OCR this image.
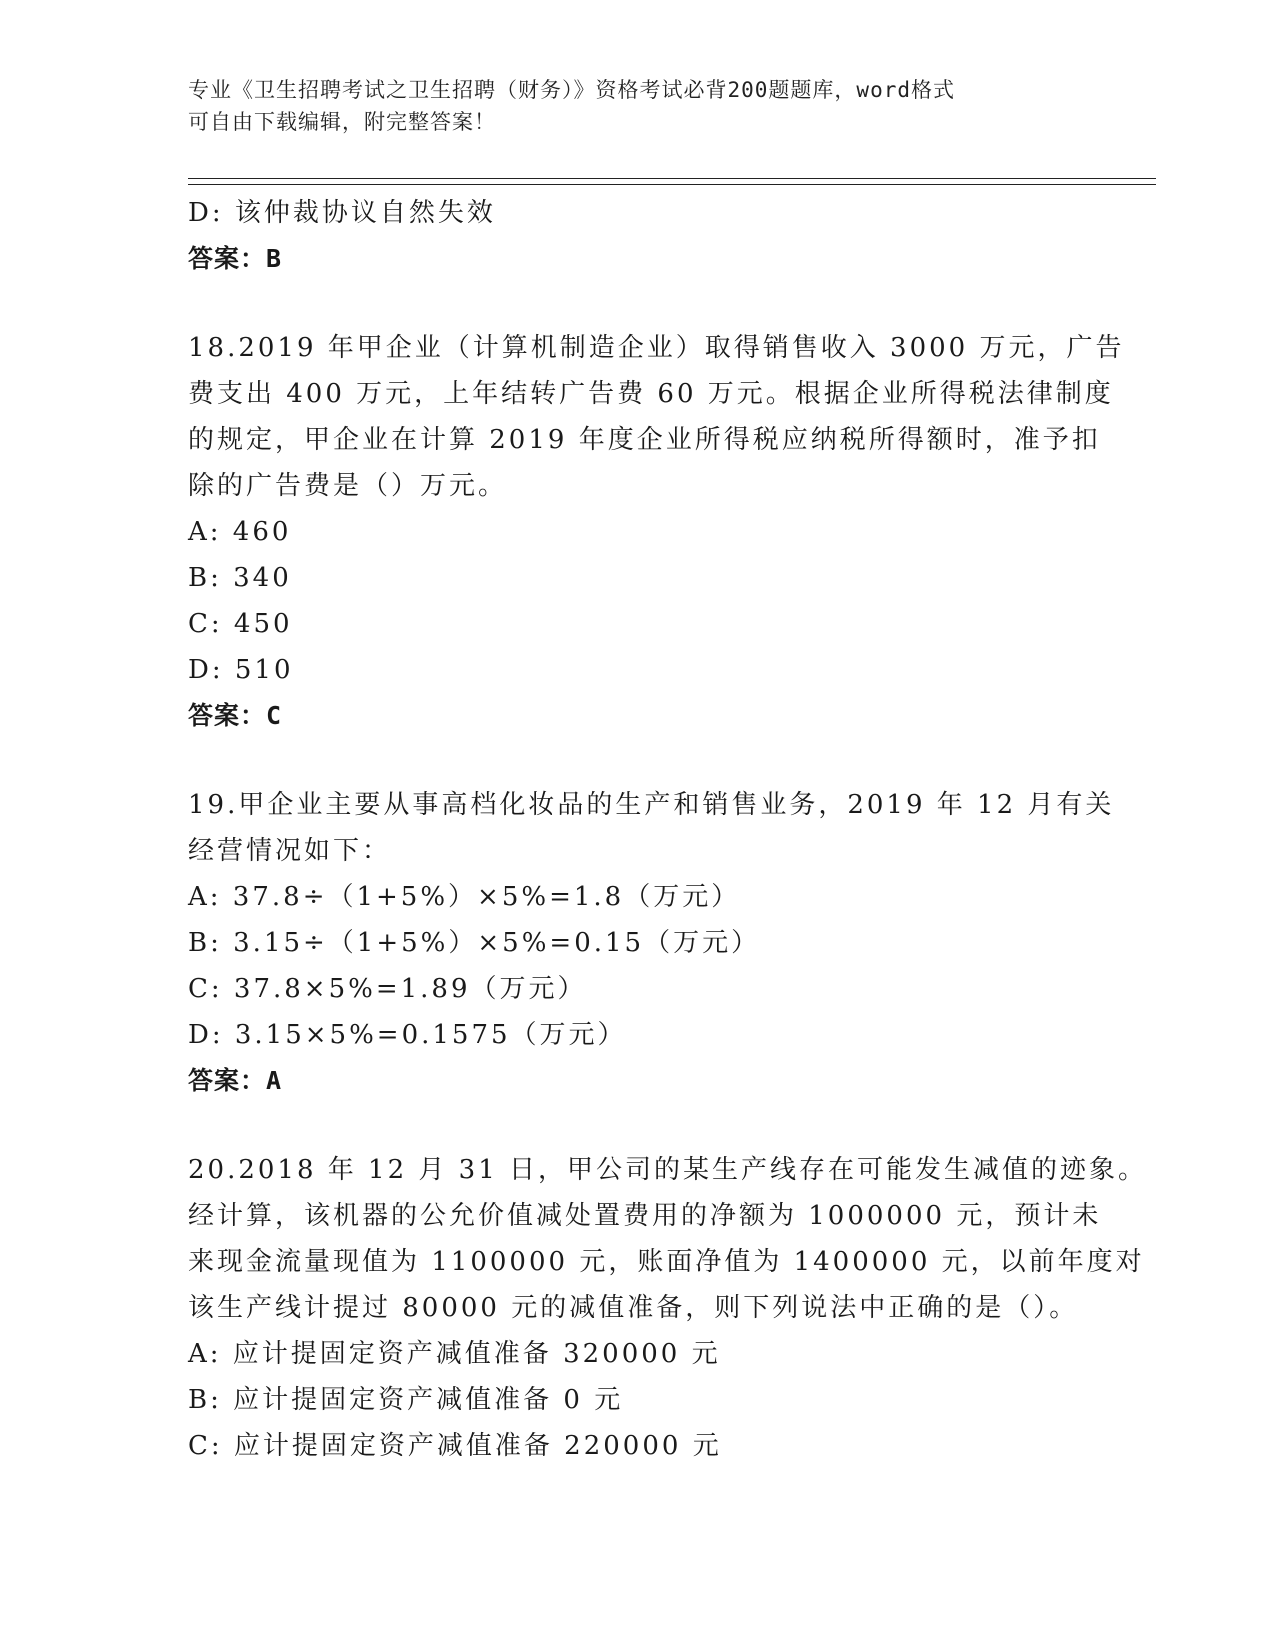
专业《卫生招聘考试之卫生招聘（财务）》资格考试必背200题题库，word格式
可自由下载编辑，附完整答案！
D: 该仲裁协议自然失效
答案：B
18.2019 年甲企业（计算机制造企业）取得销售收入 3000 万元，广告
费支出 400 万元，上年结转广告费 60 万元。根据企业所得税法律制度
的规定，甲企业在计算 2019 年度企业所得税应纳税所得额时，准予扣
除的广告费是（）万元。
A: 460
B: 340
C: 450
D: 510
答案：C
19.甲企业主要从事高档化妆品的生产和销售业务，2019 年 12 月有关
经营情况如下：
A: 37.8÷（1+5%）×5%=1.8（万元）
B: 3.15÷（1+5%）×5%=0.15（万元）
C: 37.8×5%=1.89（万元）
D: 3.15×5%=0.1575（万元）
答案：A
20.2018 年 12 月 31 日，甲公司的某生产线存在可能发生减值的迹象。
经计算，该机器的公允价值减处置费用的净额为 1000000 元，预计未
来现金流量现值为 1100000 元，账面净值为 1400000 元，以前年度对
该生产线计提过 80000 元的减值准备，则下列说法中正确的是（）。
A: 应计提固定资产减值准备 320000 元
B: 应计提固定资产减值准备 0 元
C: 应计提固定资产减值准备 220000 元
